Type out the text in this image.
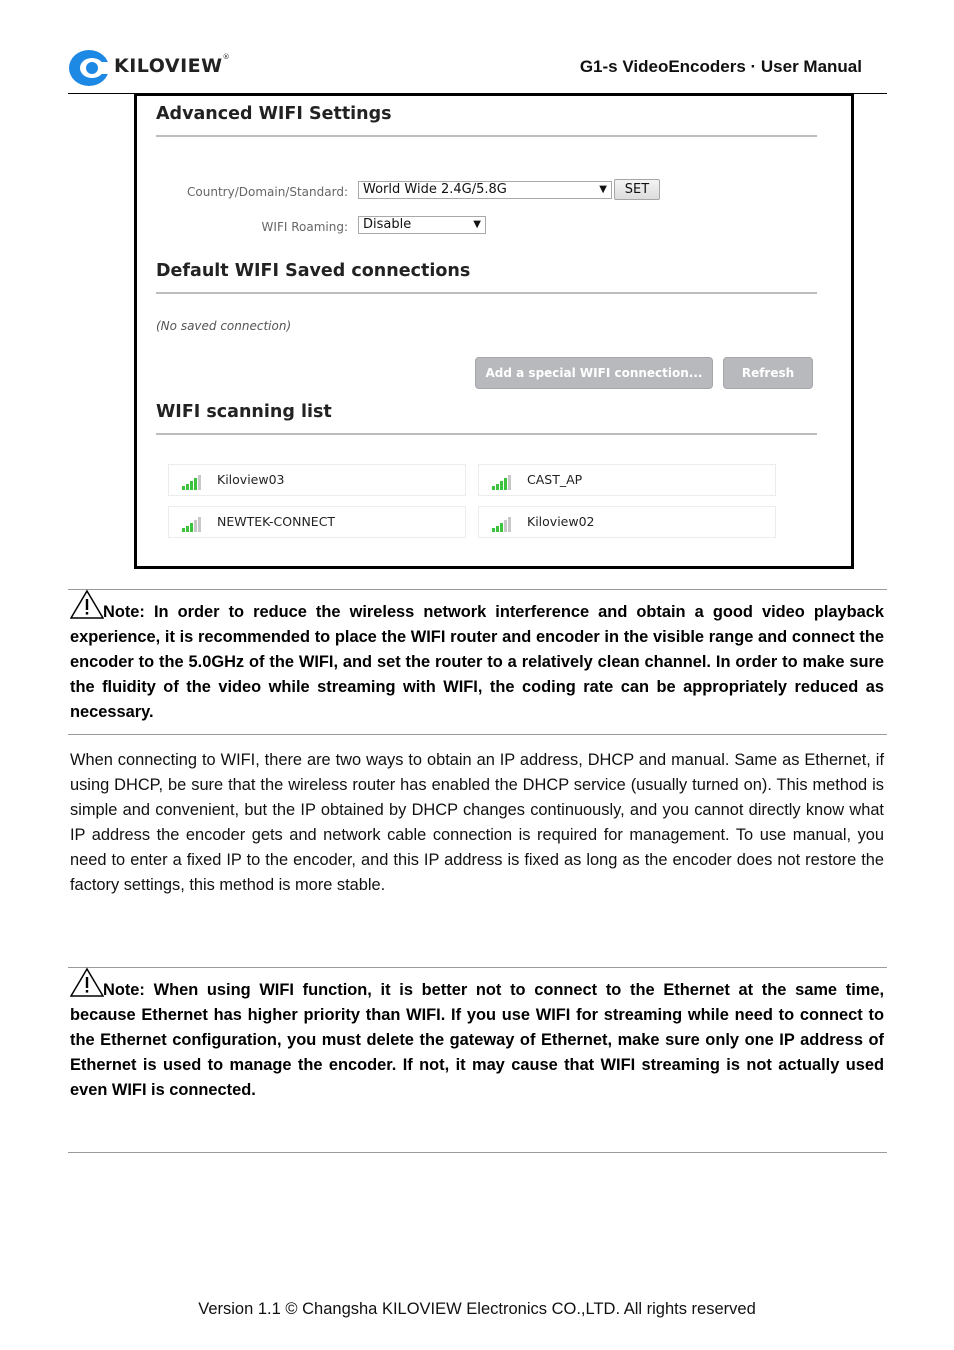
KILOVIEW®	G1-s VideoEncoders · User Manual
Advanced WIFI Settings
Country/Domain/Standard:	World Wide 2.4G/5.8G	▼	SET
WIFI Roaming:	Disable	▼
Default WIFI Saved connections
(No saved connection)
Add a special WIFI connection...	Refresh
WIFI scanning list
Kiloview03	CAST_AP
NEWTEK-CONNECT	Kiloview02
Note: In order to reduce the wireless network interference and obtain a good video playback
experience, it is recommended to place the WIFI router and encoder in the visible range and connect the encoder to the 5.0GHz of the WIFI, and set the router to a relatively clean channel. In order to make sure the fluidity of the video while streaming with WIFI, the coding rate can be appropriately reduced as necessary.
When connecting to WIFI, there are two ways to obtain an IP address, DHCP and manual. Same as Ethernet, if using DHCP, be sure that the wireless router has enabled the DHCP service (usually turned on). This method is simple and convenient, but the IP obtained by DHCP changes continuously, and you cannot directly know what IP address the encoder gets and network cable connection is required for management. To use manual, you need to enter a fixed IP to the encoder, and this IP address is fixed as long as the encoder does not restore the factory settings, this method is more stable.
Note: When using WIFI function, it is better not to connect to the Ethernet at the same time,
because Ethernet has higher priority than WIFI. If you use WIFI for streaming while need to connect to the Ethernet configuration, you must delete the gateway of Ethernet, make sure only one IP address of Ethernet is used to manage the encoder. If not, it may cause that WIFI streaming is not actually used even WIFI is connected.
Version 1.1 © Changsha KILOVIEW Electronics CO.,LTD. All rights reserved
